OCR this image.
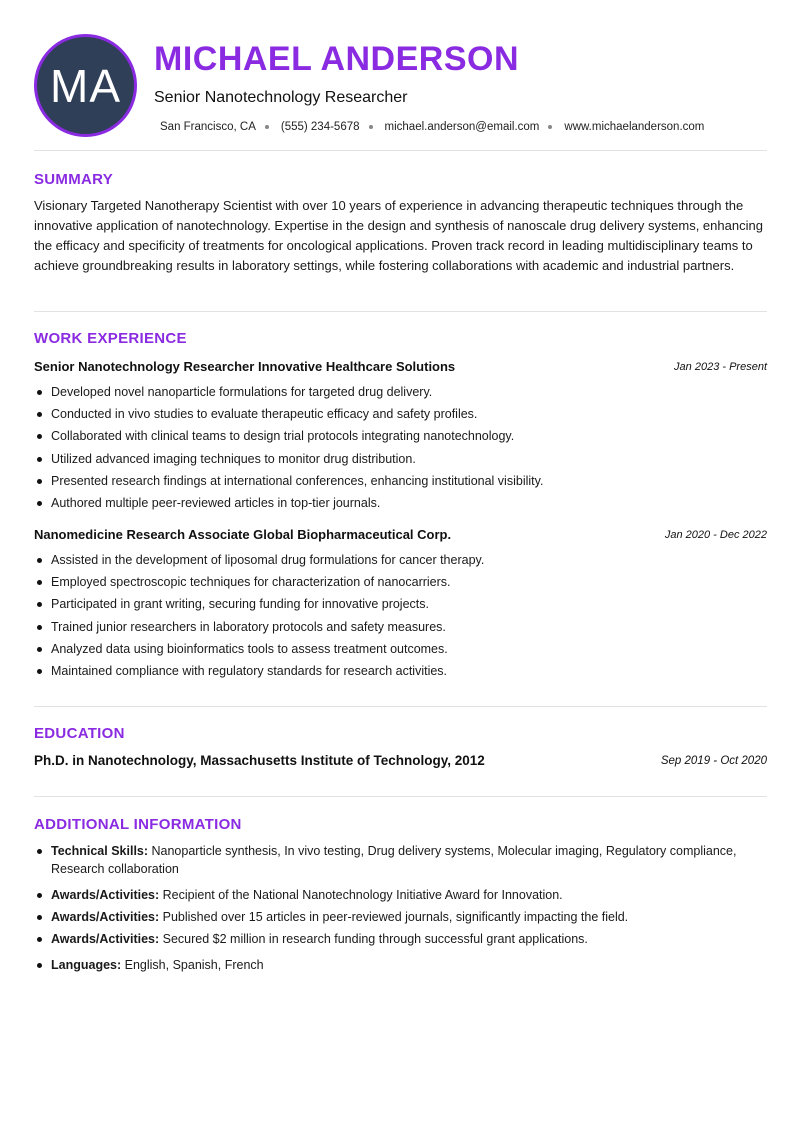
MA
MICHAEL ANDERSON
Senior Nanotechnology Researcher
San Francisco, CA (555) 234-5678 michael.anderson@email.com www.michaelanderson.com
SUMMARY
Visionary Targeted Nanotherapy Scientist with over 10 years of experience in advancing therapeutic techniques through the innovative application of nanotechnology. Expertise in the design and synthesis of nanoscale drug delivery systems, enhancing the efficacy and specificity of treatments for oncological applications. Proven track record in leading multidisciplinary teams to achieve groundbreaking results in laboratory settings, while fostering collaborations with academic and industrial partners.
WORK EXPERIENCE
Senior Nanotechnology Researcher Innovative Healthcare Solutions	Jan 2023 - Present
Developed novel nanoparticle formulations for targeted drug delivery.
Conducted in vivo studies to evaluate therapeutic efficacy and safety profiles.
Collaborated with clinical teams to design trial protocols integrating nanotechnology.
Utilized advanced imaging techniques to monitor drug distribution.
Presented research findings at international conferences, enhancing institutional visibility.
Authored multiple peer-reviewed articles in top-tier journals.
Nanomedicine Research Associate Global Biopharmaceutical Corp.	Jan 2020 - Dec 2022
Assisted in the development of liposomal drug formulations for cancer therapy.
Employed spectroscopic techniques for characterization of nanocarriers.
Participated in grant writing, securing funding for innovative projects.
Trained junior researchers in laboratory protocols and safety measures.
Analyzed data using bioinformatics tools to assess treatment outcomes.
Maintained compliance with regulatory standards for research activities.
EDUCATION
Ph.D. in Nanotechnology, Massachusetts Institute of Technology, 2012	Sep 2019 - Oct 2020
ADDITIONAL INFORMATION
Technical Skills: Nanoparticle synthesis, In vivo testing, Drug delivery systems, Molecular imaging, Regulatory compliance, Research collaboration
Awards/Activities: Recipient of the National Nanotechnology Initiative Award for Innovation.
Awards/Activities: Published over 15 articles in peer-reviewed journals, significantly impacting the field.
Awards/Activities: Secured $2 million in research funding through successful grant applications.
Languages: English, Spanish, French
